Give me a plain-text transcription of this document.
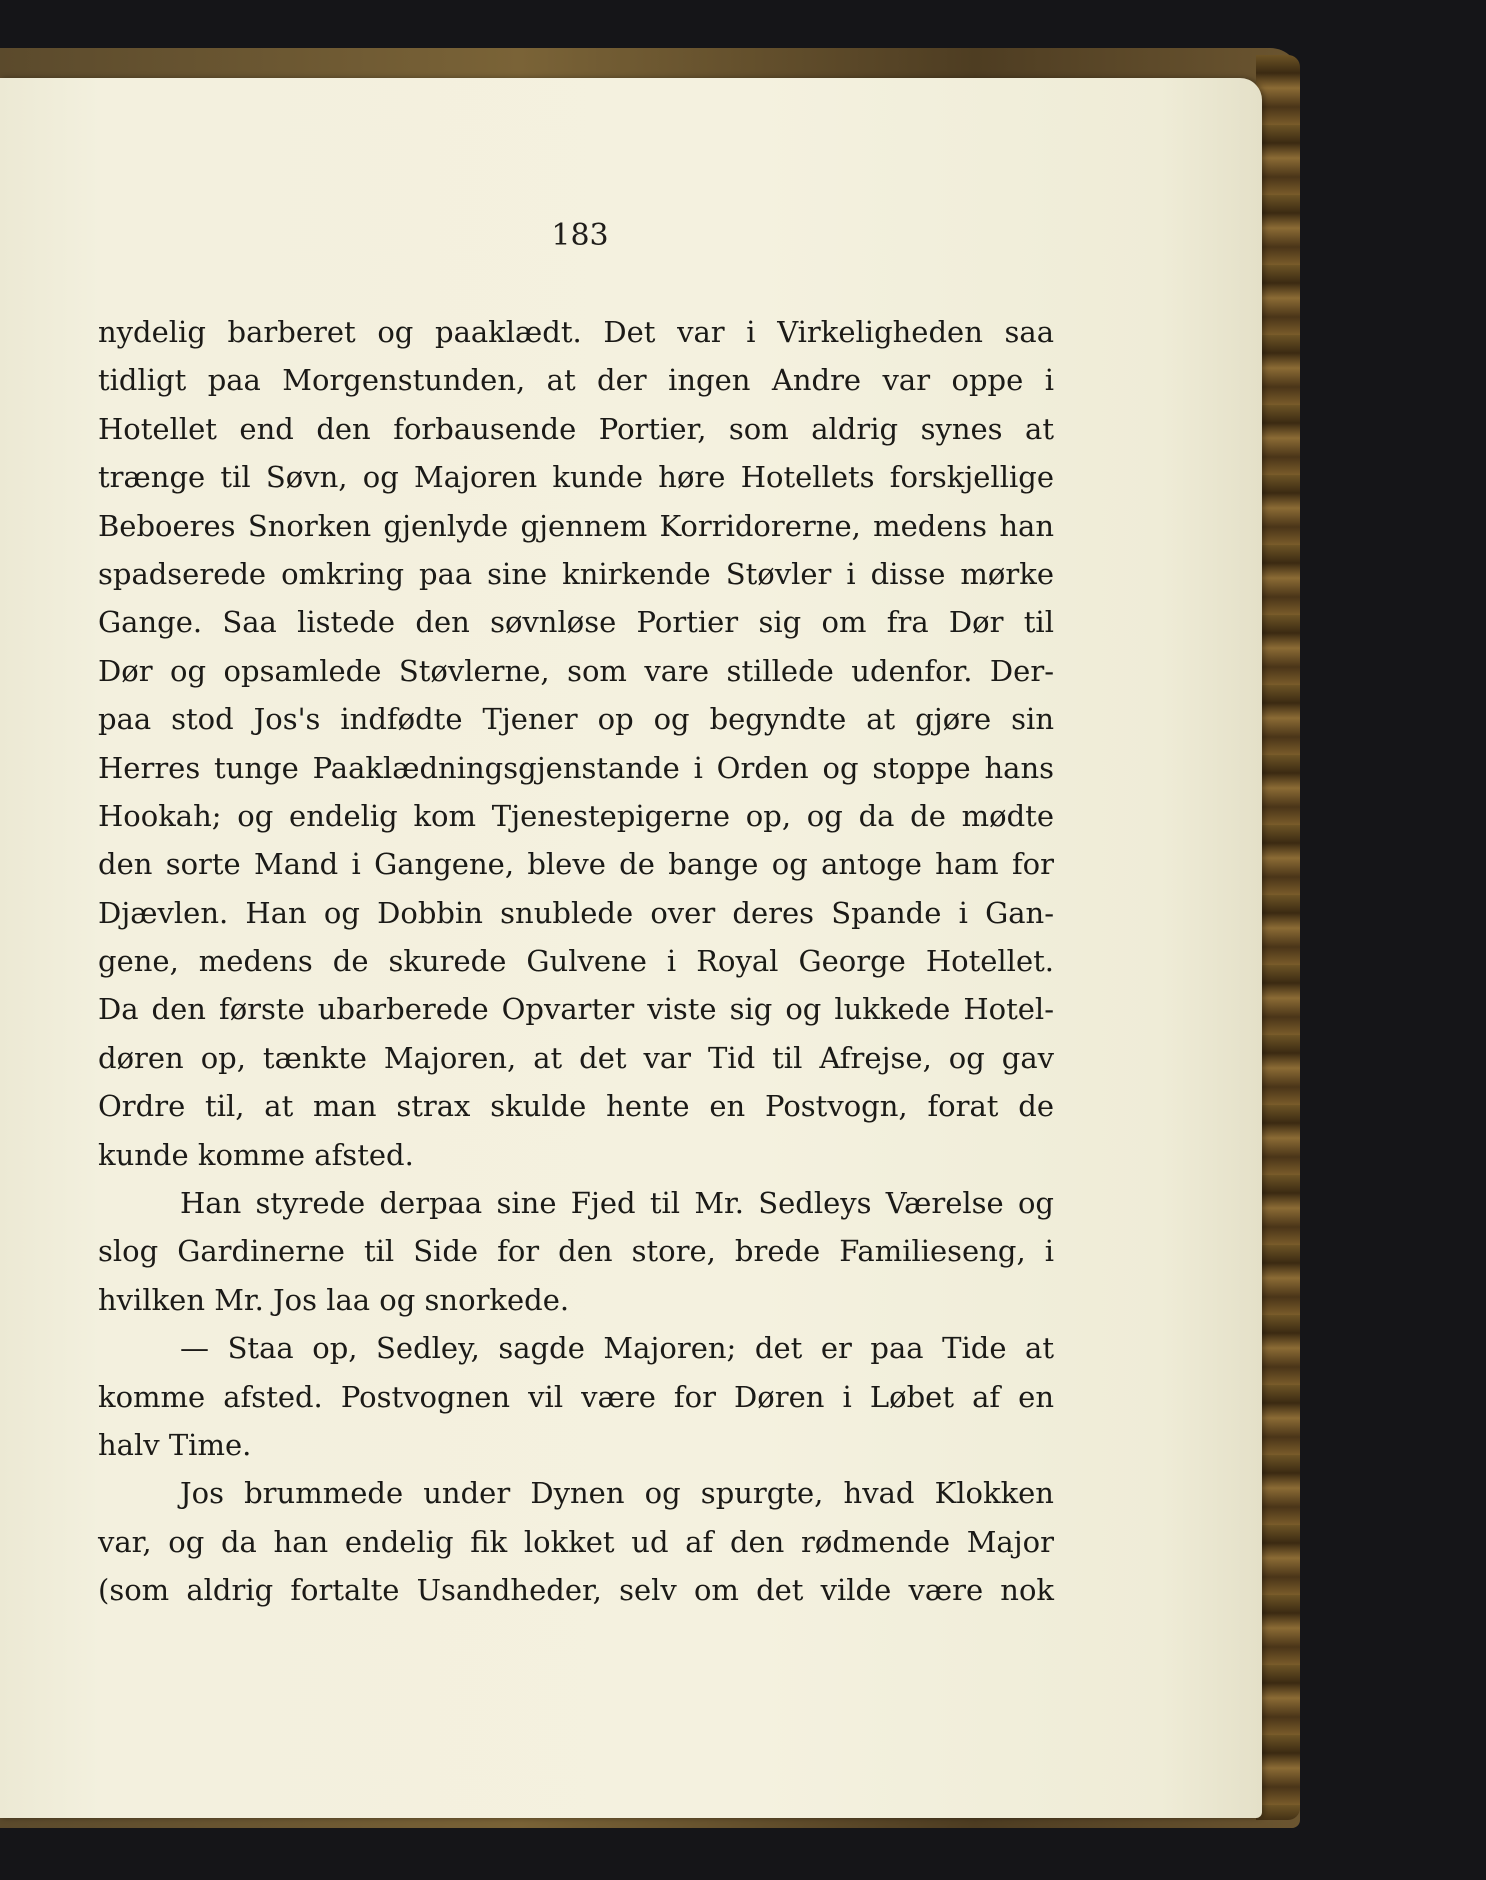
183
nydelig barberet og paaklædt. Det var i Virkeligheden saa
tidligt paa Morgenstunden, at der ingen Andre var oppe i
Hotellet end den forbausende Portier, som aldrig synes at
trænge til Søvn, og Majoren kunde høre Hotellets forskjellige
Beboeres Snorken gjenlyde gjennem Korridorerne, medens han
spadserede omkring paa sine knirkende Støvler i disse mørke
Gange. Saa listede den søvnløse Portier sig om fra Dør til
Dør og opsamlede Støvlerne, som vare stillede udenfor. Der-
paa stod Jos's indfødte Tjener op og begyndte at gjøre sin
Herres tunge Paaklædningsgjenstande i Orden og stoppe hans
Hookah; og endelig kom Tjenestepigerne op, og da de mødte
den sorte Mand i Gangene, bleve de bange og antoge ham for
Djævlen. Han og Dobbin snublede over deres Spande i Gan-
gene, medens de skurede Gulvene i Royal George Hotellet.
Da den første ubarberede Opvarter viste sig og lukkede Hotel-
døren op, tænkte Majoren, at det var Tid til Afrejse, og gav
Ordre til, at man strax skulde hente en Postvogn, forat de
kunde komme afsted.
Han styrede derpaa sine Fjed til Mr. Sedleys Værelse og
slog Gardinerne til Side for den store, brede Familieseng, i
hvilken Mr. Jos laa og snorkede.
— Staa op, Sedley, sagde Majoren; det er paa Tide at
komme afsted. Postvognen vil være for Døren i Løbet af en
halv Time.
Jos brummede under Dynen og spurgte, hvad Klokken
var, og da han endelig fik lokket ud af den rødmende Major
(som aldrig fortalte Usandheder, selv om det vilde være nok
